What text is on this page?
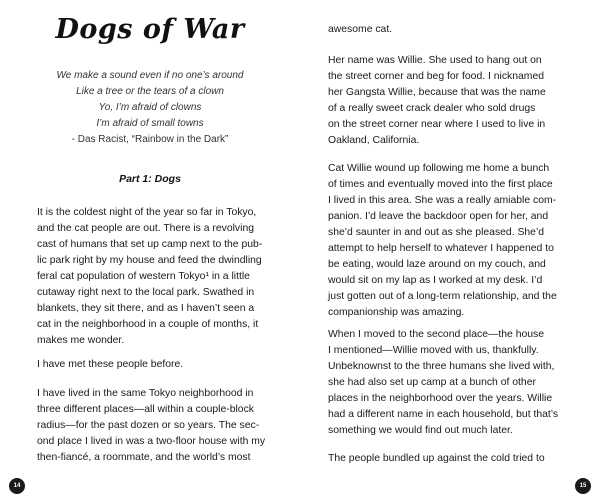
Dogs of War
We make a sound even if no one’s around
Like a tree or the tears of a clown
Yo, I’m afraid of clowns
I’m afraid of small towns
- Das Racist, “Rainbow in the Dark”
Part 1: Dogs
It is the coldest night of the year so far in Tokyo,
and the cat people are out. There is a revolving
cast of humans that set up camp next to the pub-
lic park right by my house and feed the dwindling
feral cat population of western Tokyo¹ in a little
cutaway right next to the local park. Swathed in
blankets, they sit there, and as I haven’t seen a
cat in the neighborhood in a couple of months, it
makes me wonder.
I have met these people before.
I have lived in the same Tokyo neighborhood in
three different places—all within a couple-block
radius—for the past dozen or so years. The sec-
ond place I lived in was a two-floor house with my
then-fiancé, a roommate, and the world’s most
14
awesome cat.
Her name was Willie. She used to hang out on
the street corner and beg for food. I nicknamed
her Gangsta Willie, because that was the name
of a really sweet crack dealer who sold drugs
on the street corner near where I used to live in
Oakland, California.
Cat Willie wound up following me home a bunch
of times and eventually moved into the first place
I lived in this area. She was a really amiable com-
panion. I’d leave the backdoor open for her, and
she’d saunter in and out as she pleased. She’d
attempt to help herself to whatever I happened to
be eating, would laze around on my couch, and
would sit on my lap as I worked at my desk. I’d
just gotten out of a long-term relationship, and the
companionship was amazing.
When I moved to the second place—the house
I mentioned—Willie moved with us, thankfully.
Unbeknownst to the three humans she lived with,
she had also set up camp at a bunch of other
places in the neighborhood over the years. Willie
had a different name in each household, but that’s
something we would find out much later.
The people bundled up against the cold tried to
15
